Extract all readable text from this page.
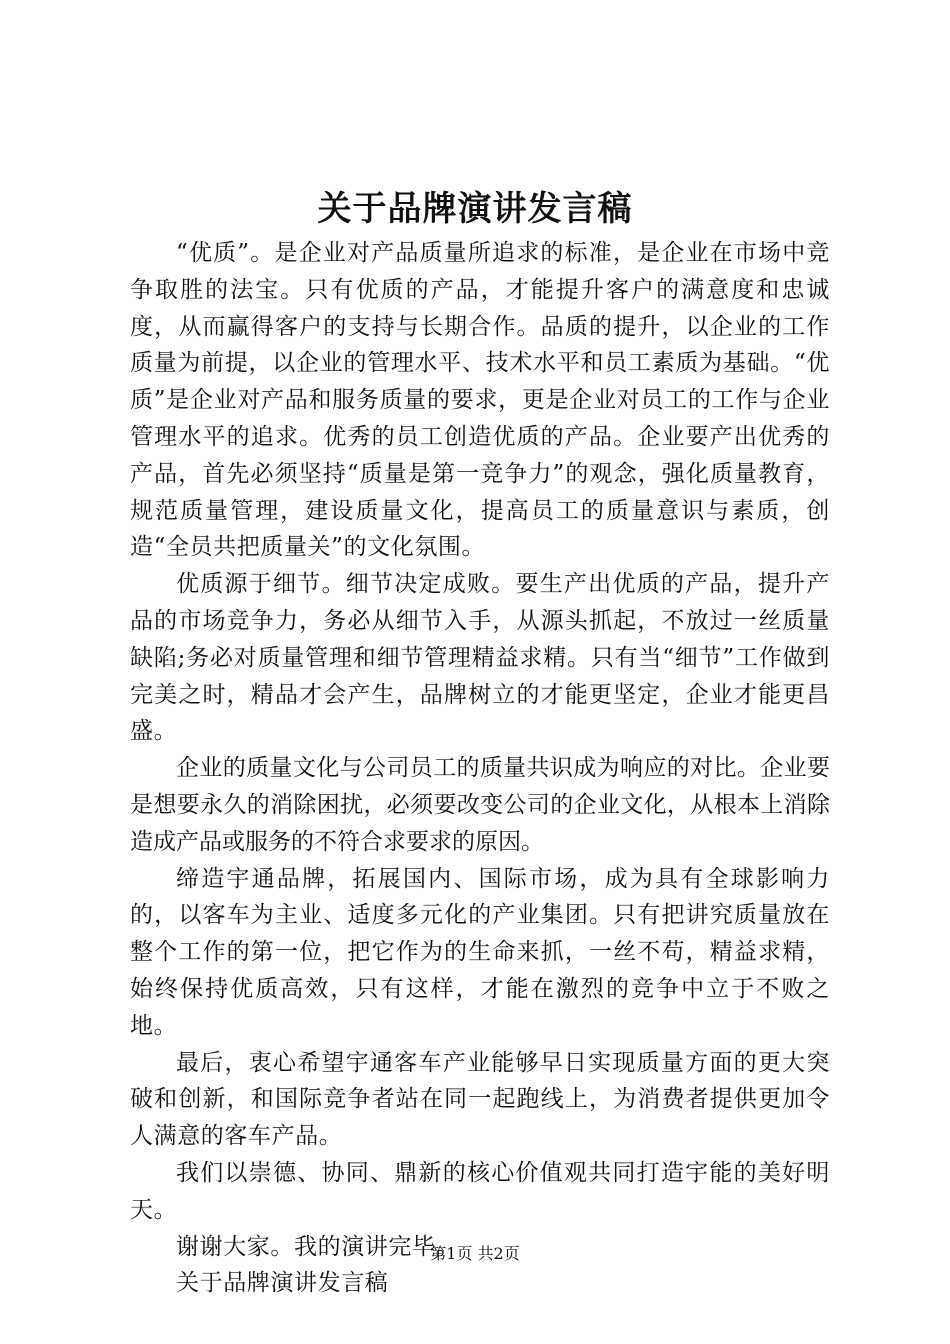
关于品牌演讲发言稿

“优质”。是企业对产品质量所追求的标准，是企业在市场中竞争取胜的法宝。只有优质的产品，才能提升客户的满意度和忠诚度，从而赢得客户的支持与长期合作。品质的提升，以企业的工作质量为前提，以企业的管理水平、技术水平和员工素质为基础。“优质”是企业对产品和服务质量的要求，更是企业对员工的工作与企业管理水平的追求。优秀的员工创造优质的产品。企业要产出优秀的产品，首先必须坚持“质量是第一竞争力”的观念，强化质量教育，规范质量管理，建设质量文化，提高员工的质量意识与素质，创造“全员共把质量关”的文化氛围。

优质源于细节。细节决定成败。要生产出优质的产品，提升产品的市场竞争力，务必从细节入手，从源头抓起，不放过一丝质量缺陷;务必对质量管理和细节管理精益求精。只有当“细节”工作做到完美之时，精品才会产生，品牌树立的才能更坚定，企业才能更昌盛。

企业的质量文化与公司员工的质量共识成为响应的对比。企业要是想要永久的消除困扰，必须要改变公司的企业文化，从根本上消除造成产品或服务的不符合求要求的原因。

缔造宇通品牌，拓展国内、国际市场，成为具有全球影响力的，以客车为主业、适度多元化的产业集团。只有把讲究质量放在整个工作的第一位，把它作为的生命来抓，一丝不苟，精益求精，始终保持优质高效，只有这样，才能在激烈的竞争中立于不败之地。

最后，衷心希望宇通客车产业能够早日实现质量方面的更大突破和创新，和国际竞争者站在同一起跑线上，为消费者提供更加令人满意的客车产品。

我们以崇德、协同、鼎新的核心价值观共同打造宇能的美好明天。

谢谢大家。我的演讲完毕。

关于品牌演讲发言稿

第1页 共2页
